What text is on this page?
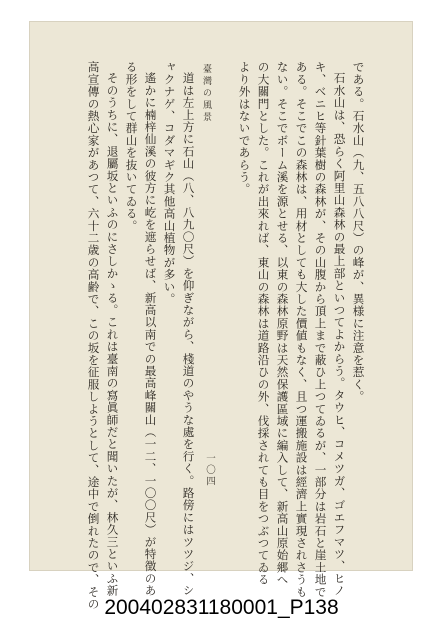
臺灣の風景
一〇四
である。石水山（九、五八八尺）の峰が、異様に注意を惹く。
石水山は、恐らく阿里山森林の最上部といつてよからう。タウヒ、コメツガ、ゴエフマツ、ヒノ
キ、ベニヒ等針葉樹の森林が、その山腹から頂上まで蔽ひ上つてゐるが、一部分は岩石と崖土地で
ある。そこでこの森林は、用材としても大した價値もなく、且つ運搬施設は經濟上實現されさうも
ない。そこでボーム溪を源とせる、以東の森林原野は天然保護區域に編入して、新高山原始郷へ
の大關門とした。これが出來れば、東山の森林は道路沿ひの外、伐採されても目をつぶつてゐる
より外はないであらう。
道は左上方に石山（八、八九〇尺）を仰ぎながら、棧道のやうな處を行く。路傍にはツツジ、シ
ャクナゲ、コダマギク其他高山植物が多い。
遙かに楠梓仙溪の彼方に屹を遮らせば、新高以南での最高峰關山（一二、一〇〇尺）が特徴のあ
る形をして群山を抜いてゐる。
そのうちに、退屬坂といふのにさしかゝる。これは臺南の寫眞師だと聞いたが、林久三といふ新
高宣傳の熱心家があつて、六十二歳の高齢で、この坂を征服しようとして、途中で倒れたので、その 200402831180001_P138
